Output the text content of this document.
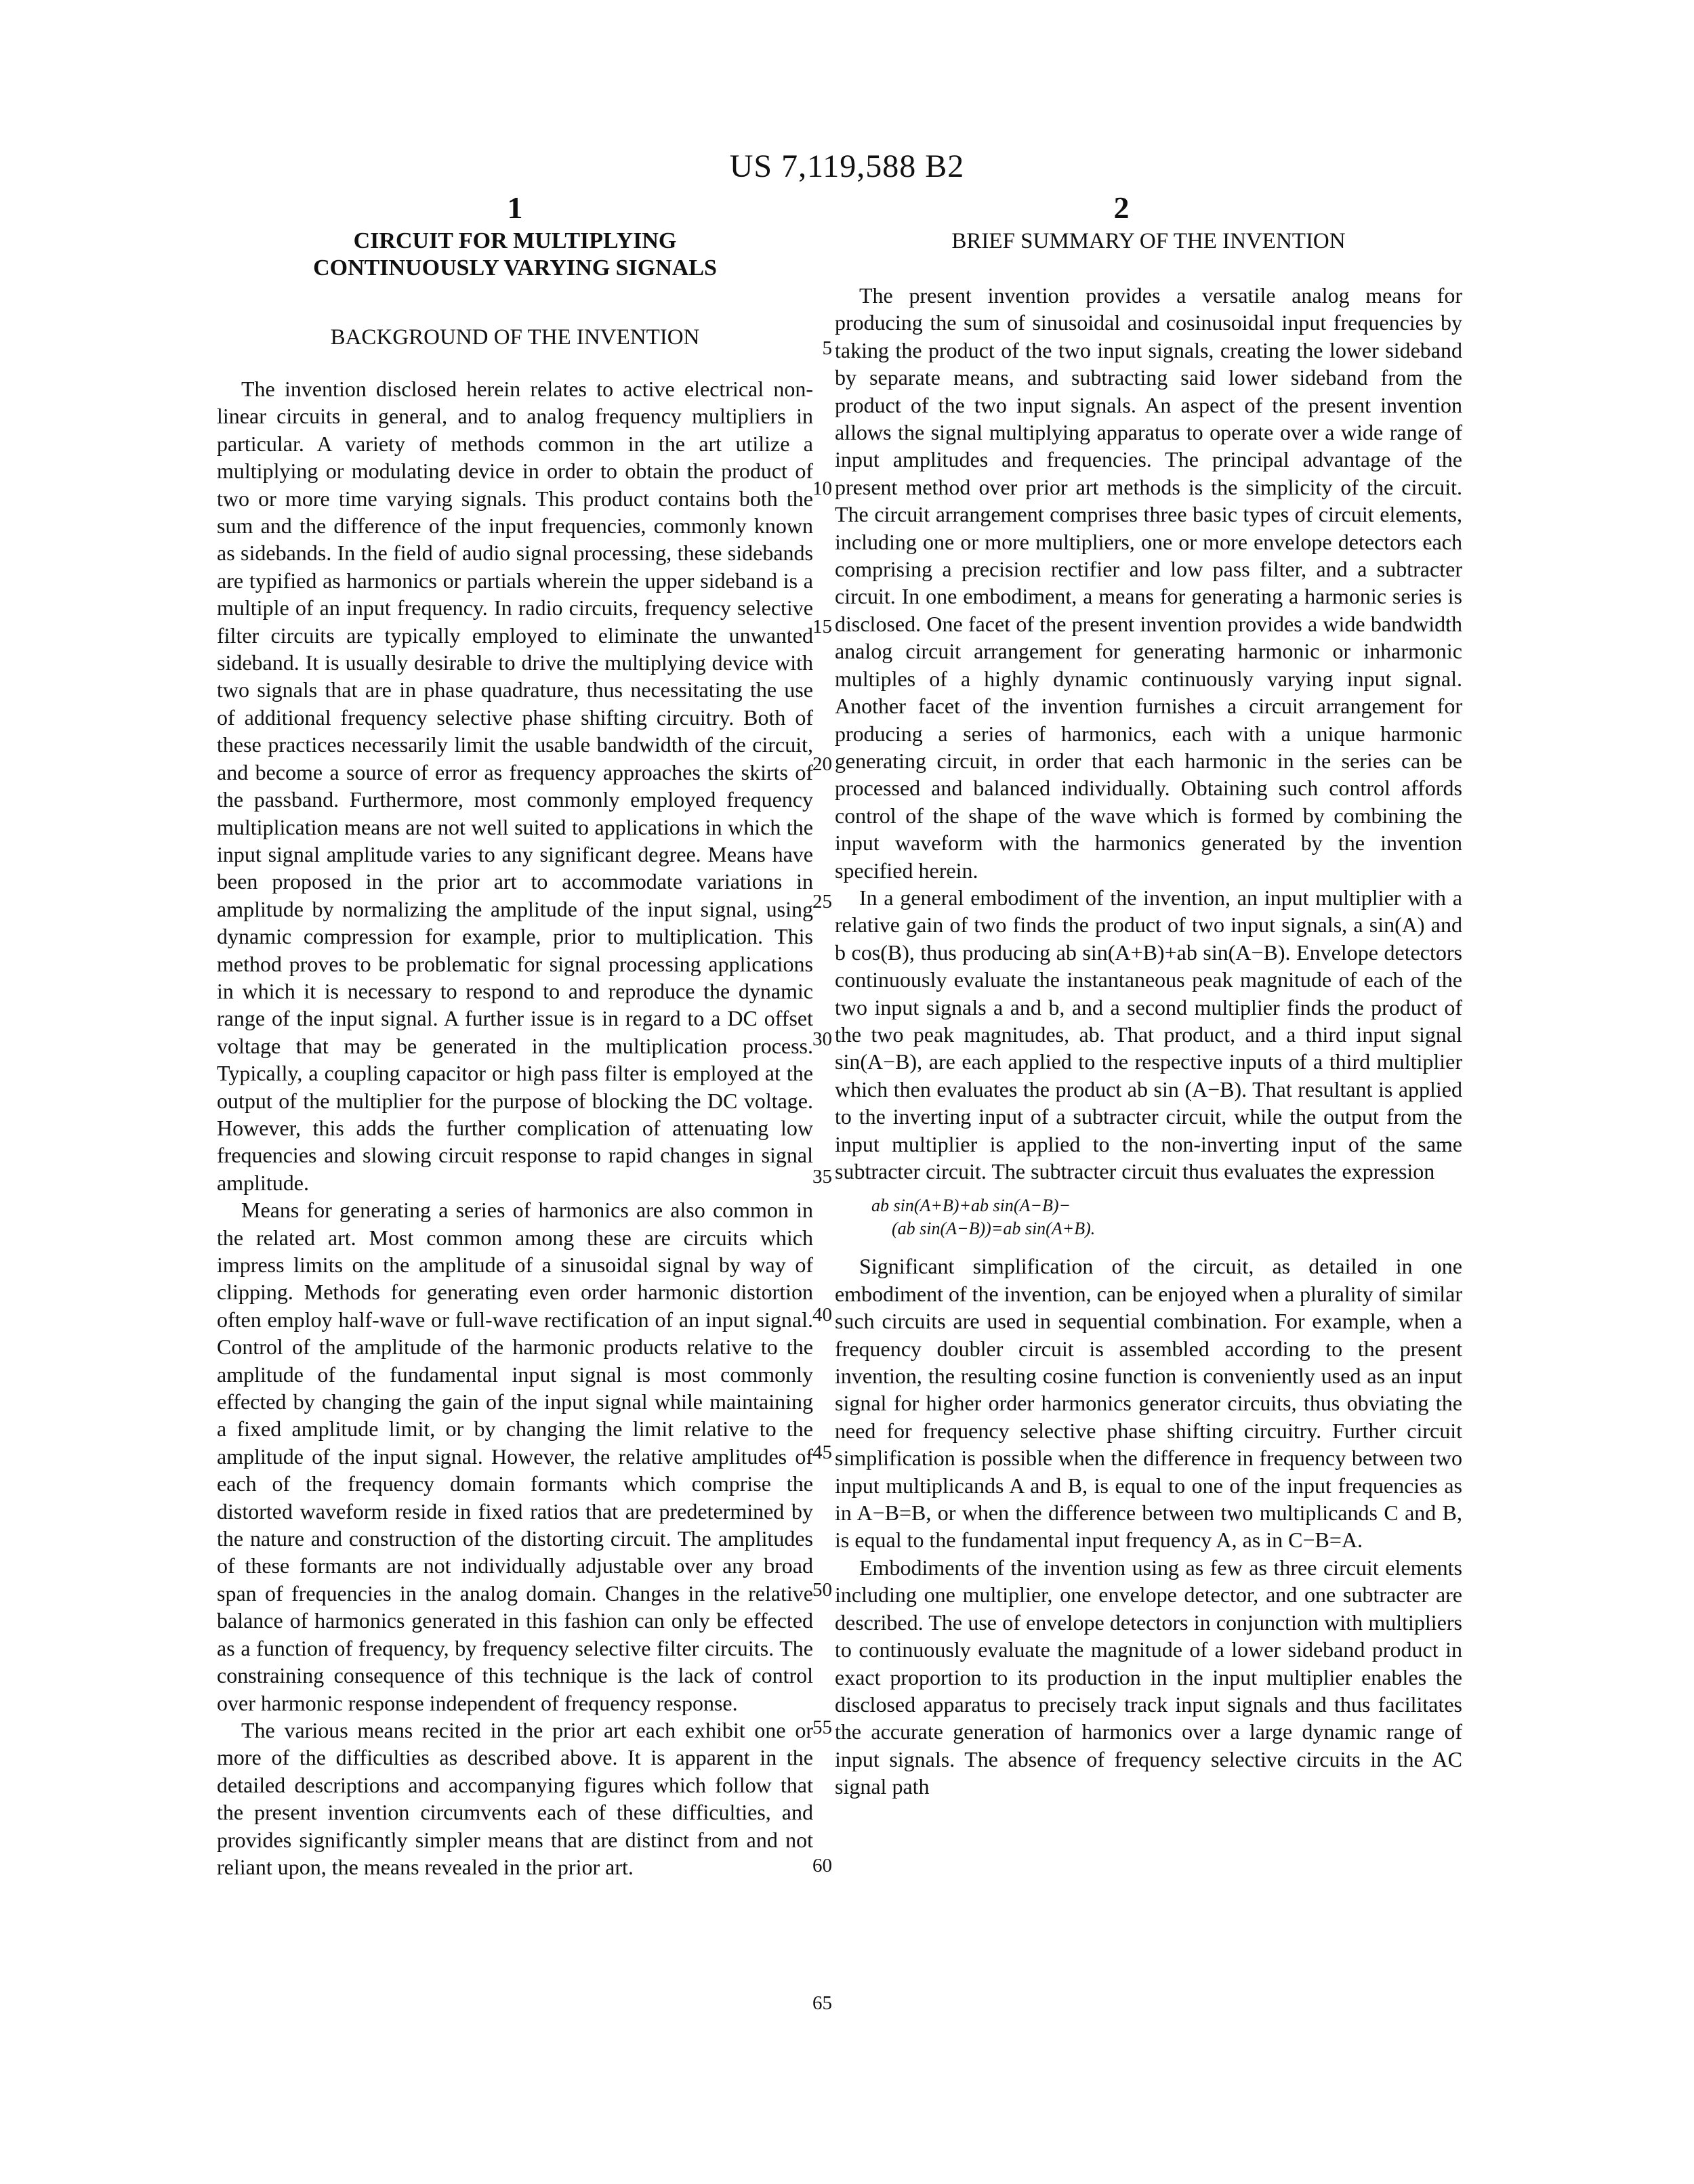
US 7,119,588 B2
1	2
CIRCUIT FOR MULTIPLYING
CONTINUOUSLY VARYING SIGNALS
BACKGROUND OF THE INVENTION

The invention disclosed herein relates to active electrical non-linear circuits in general, and to analog frequency multipliers in particular. A variety of methods common in the art utilize a multiplying or modulating device in order to obtain the product of two or more time varying signals. This product contains both the sum and the difference of the input frequencies, commonly known as sidebands. In the field of audio signal processing, these sidebands are typified as harmonics or partials wherein the upper sideband is a multiple of an input frequency. In radio circuits, frequency selective filter circuits are typically employed to eliminate the unwanted sideband. It is usually desirable to drive the multiplying device with two signals that are in phase quadrature, thus necessitating the use of additional frequency selective phase shifting circuitry. Both of these practices necessarily limit the usable bandwidth of the circuit, and become a source of error as frequency approaches the skirts of the passband. Furthermore, most commonly employed frequency multiplication means are not well suited to applications in which the input signal amplitude varies to any significant degree. Means have been proposed in the prior art to accommodate variations in amplitude by normalizing the amplitude of the input signal, using dynamic compression for example, prior to multiplication. This method proves to be problematic for signal processing applications in which it is necessary to respond to and reproduce the dynamic range of the input signal. A further issue is in regard to a DC offset voltage that may be generated in the multiplication process. Typically, a coupling capacitor or high pass filter is employed at the output of the multiplier for the purpose of blocking the DC voltage. However, this adds the further complication of attenuating low frequencies and slowing circuit response to rapid changes in signal amplitude.

Means for generating a series of harmonics are also common in the related art. Most common among these are circuits which impress limits on the amplitude of a sinusoidal signal by way of clipping. Methods for generating even order harmonic distortion often employ half-wave or full-wave rectification of an input signal. Control of the amplitude of the harmonic products relative to the amplitude of the fundamental input signal is most commonly effected by changing the gain of the input signal while maintaining a fixed amplitude limit, or by changing the limit relative to the amplitude of the input signal. However, the relative amplitudes of each of the frequency domain formants which comprise the distorted waveform reside in fixed ratios that are predetermined by the nature and construction of the distorting circuit. The amplitudes of these formants are not individually adjustable over any broad span of frequencies in the analog domain. Changes in the relative balance of harmonics generated in this fashion can only be effected as a function of frequency, by frequency selective filter circuits. The constraining consequence of this technique is the lack of control over harmonic response independent of frequency response.

The various means recited in the prior art each exhibit one or more of the difficulties as described above. It is apparent in the detailed descriptions and accompanying figures which follow that the present invention circumvents each of these difficulties, and provides significantly simpler means that are distinct from and not reliant upon, the means revealed in the prior art.

5
10
15
20
25
30
35
40
45
50
55
60
65
BRIEF SUMMARY OF THE INVENTION

The present invention provides a versatile analog means for producing the sum of sinusoidal and cosinusoidal input frequencies by taking the product of the two input signals, creating the lower sideband by separate means, and subtracting said lower sideband from the product of the two input signals. An aspect of the present invention allows the signal multiplying apparatus to operate over a wide range of input amplitudes and frequencies. The principal advantage of the present method over prior art methods is the simplicity of the circuit. The circuit arrangement comprises three basic types of circuit elements, including one or more multipliers, one or more envelope detectors each comprising a precision rectifier and low pass filter, and a subtracter circuit. In one embodiment, a means for generating a harmonic series is disclosed. One facet of the present invention provides a wide bandwidth analog circuit arrangement for generating harmonic or inharmonic multiples of a highly dynamic continuously varying input signal. Another facet of the invention furnishes a circuit arrangement for producing a series of harmonics, each with a unique harmonic generating circuit, in order that each harmonic in the series can be processed and balanced individually. Obtaining such control affords control of the shape of the wave which is formed by combining the input waveform with the harmonics generated by the invention specified herein.

In a general embodiment of the invention, an input multiplier with a relative gain of two finds the product of two input signals, a sin(A) and b cos(B), thus producing ab sin(A+B)+ab sin(A−B). Envelope detectors continuously evaluate the instantaneous peak magnitude of each of the two input signals a and b, and a second multiplier finds the product of the two peak magnitudes, ab. That product, and a third input signal sin(A−B), are each applied to the respective inputs of a third multiplier which then evaluates the product ab sin (A−B). That resultant is applied to the inverting input of a subtracter circuit, while the output from the input multiplier is applied to the non-inverting input of the same subtracter circuit. The subtracter circuit thus evaluates the expression

ab sin(A+B)+ab sin(A−B)−
(ab sin(A−B))=ab sin(A+B).

Significant simplification of the circuit, as detailed in one embodiment of the invention, can be enjoyed when a plurality of similar such circuits are used in sequential combination. For example, when a frequency doubler circuit is assembled according to the present invention, the resulting cosine function is conveniently used as an input signal for higher order harmonics generator circuits, thus obviating the need for frequency selective phase shifting circuitry. Further circuit simplification is possible when the difference in frequency between two input multiplicands A and B, is equal to one of the input frequencies as in A−B=B, or when the difference between two multiplicands C and B, is equal to the fundamental input frequency A, as in C−B=A.

Embodiments of the invention using as few as three circuit elements including one multiplier, one envelope detector, and one subtracter are described. The use of envelope detectors in conjunction with multipliers to continuously evaluate the magnitude of a lower sideband product in exact proportion to its production in the input multiplier enables the disclosed apparatus to precisely track input signals and thus facilitates the accurate generation of harmonics over a large dynamic range of input signals. The absence of frequency selective circuits in the AC signal path
